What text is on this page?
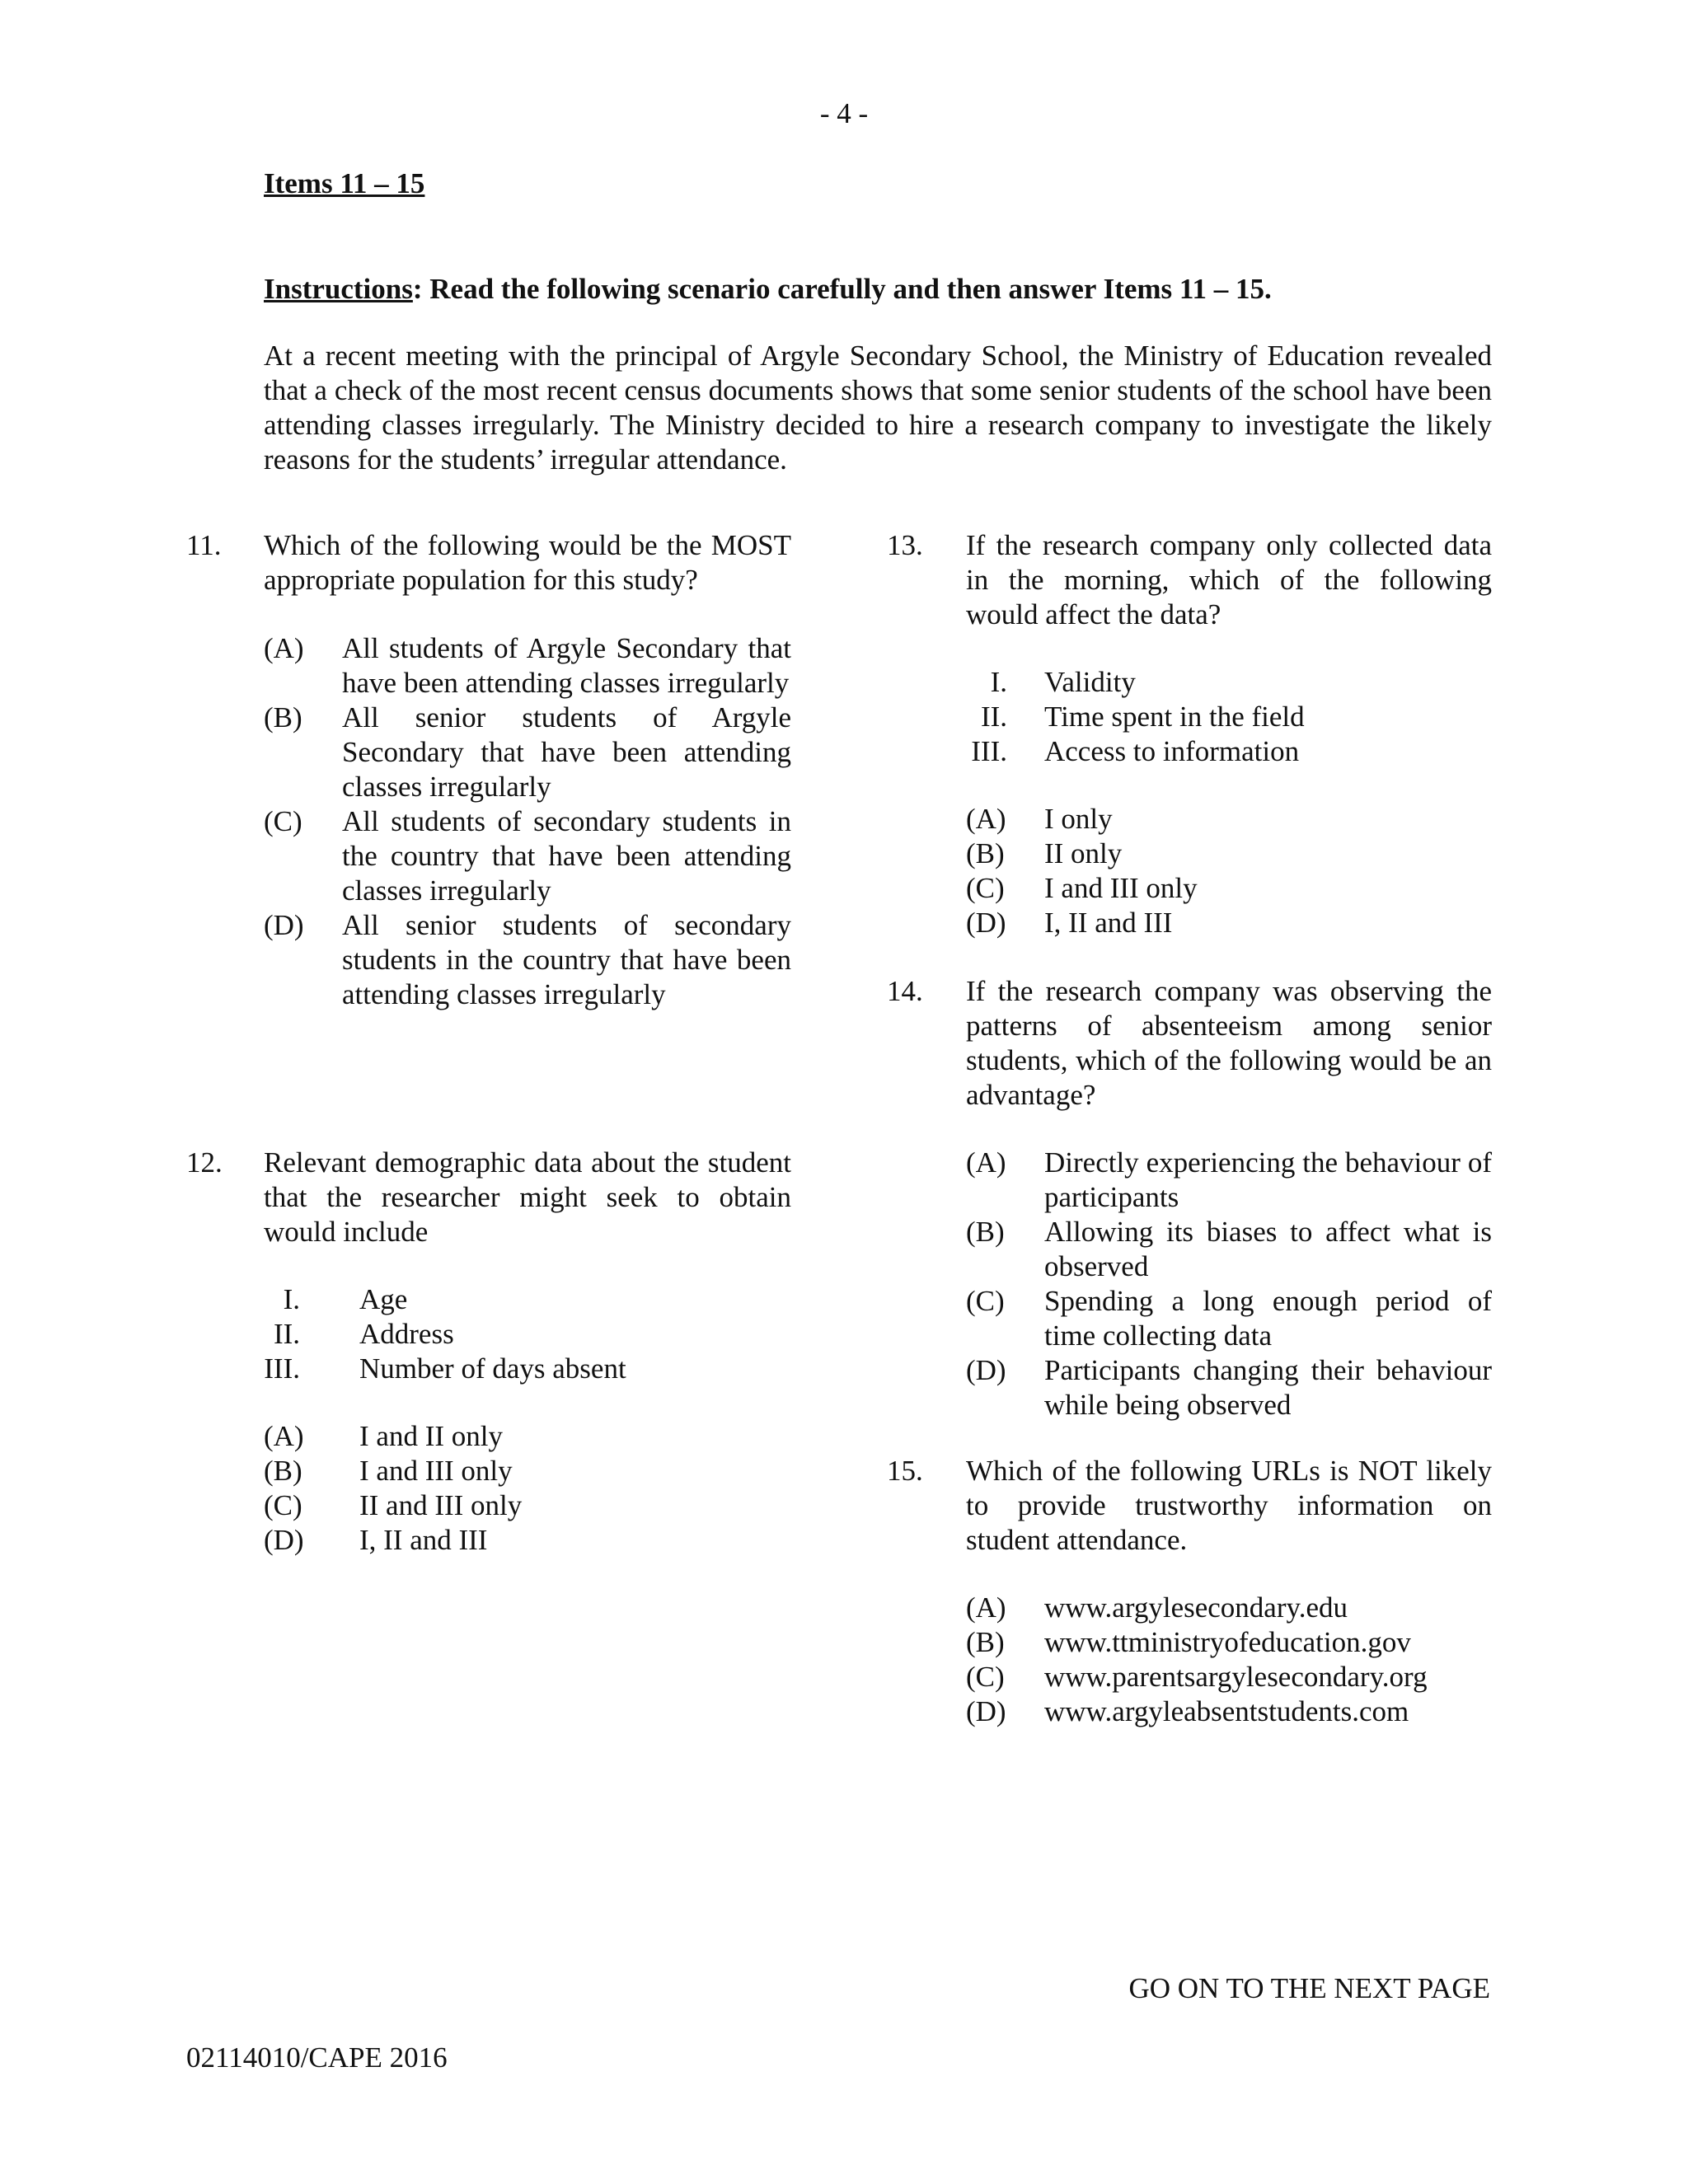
- 4 -
Items 11 – 15
Instructions: Read the following scenario carefully and then answer Items 11 – 15.
At a recent meeting with the principal of Argyle Secondary School, the Ministry of Education revealed that a check of the most recent census documents shows that some senior students of the school have been attending classes irregularly. The Ministry decided to hire a research company to investigate the likely reasons for the students’ irregular attendance.
11. Which of the following would be the MOST appropriate population for this study?
(A) All students of Argyle Secondary that have been attending classes irregularly
(B) All senior students of Argyle Secondary that have been attending classes irregularly
(C) All students of secondary students in the country that have been attending classes irregularly
(D) All senior students of secondary students in the country that have been attending classes irregularly
12. Relevant demographic data about the student that the researcher might seek to obtain would include
I. Age
II. Address
III. Number of days absent
(A) I and II only
(B) I and III only
(C) II and III only
(D) I, II and III
13. If the research company only collected data in the morning, which of the following would affect the data?
I. Validity
II. Time spent in the field
III. Access to information
(A) I only
(B) II only
(C) I and III only
(D) I, II and III
14. If the research company was observing the patterns of absenteeism among senior students, which of the following would be an advantage?
(A) Directly experiencing the behaviour of participants
(B) Allowing its biases to affect what is observed
(C) Spending a long enough period of time collecting data
(D) Participants changing their behaviour while being observed
15. Which of the following URLs is NOT likely to provide trustworthy information on student attendance.
(A) www.argylesecondary.edu
(B) www.ttministryofeducation.gov
(C) www.parentsargylesecondary.org
(D) www.argyleabsentstudents.com
GO ON TO THE NEXT PAGE
02114010/CAPE 2016
